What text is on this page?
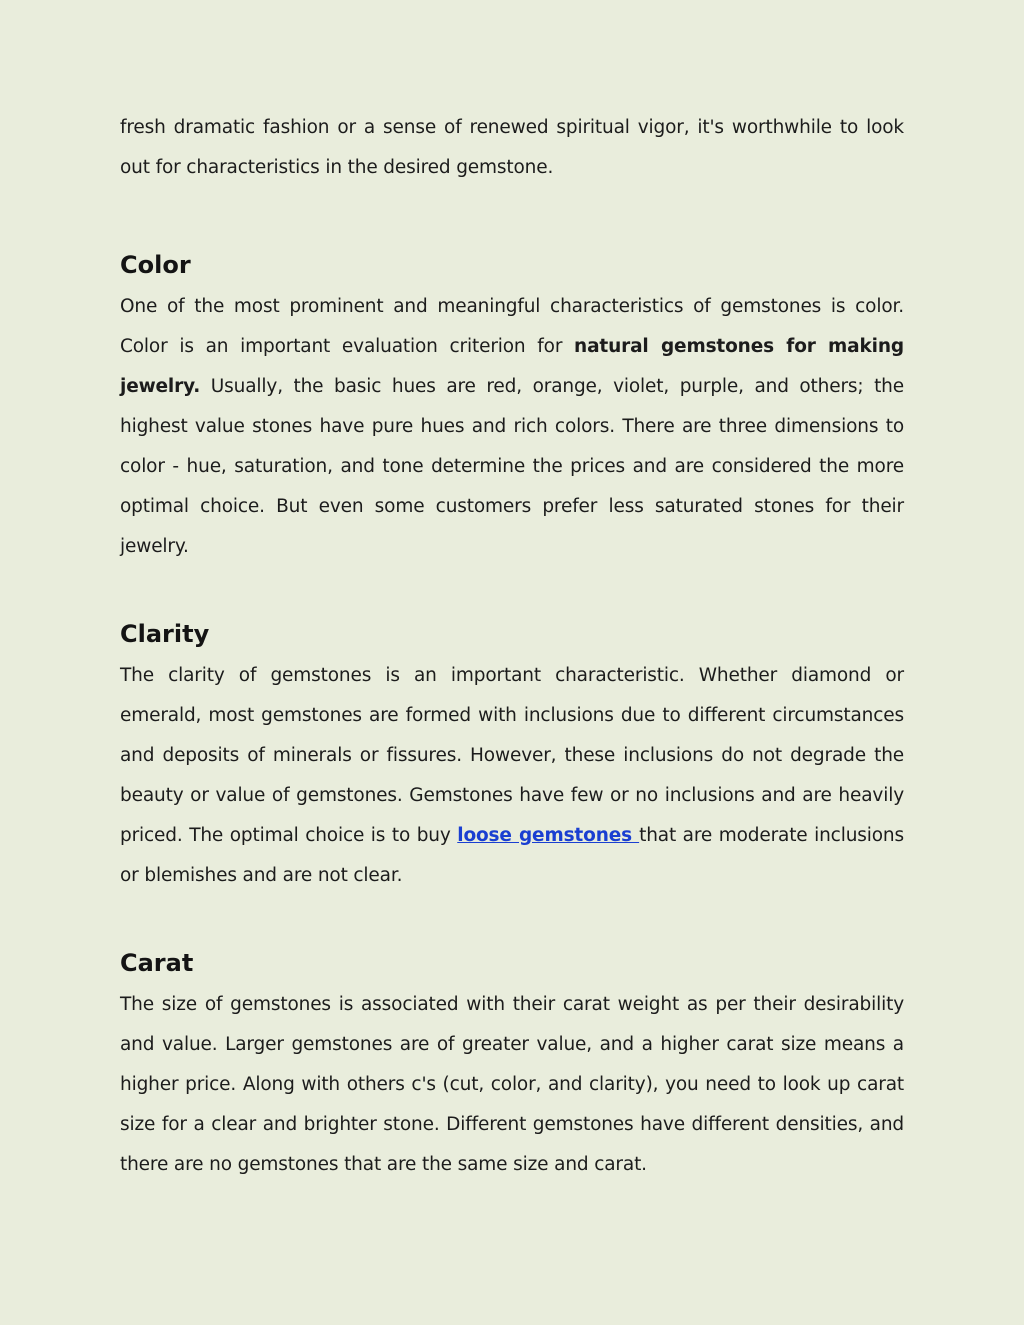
fresh dramatic fashion or a sense of renewed spiritual vigor, it's worthwhile to look out for characteristics in the desired gemstone.

Color

One of the most prominent and meaningful characteristics of gemstones is color. Color is an important evaluation criterion for natural gemstones for making jewelry. Usually, the basic hues are red, orange, violet, purple, and others; the highest value stones have pure hues and rich colors. There are three dimensions to color - hue, saturation, and tone determine the prices and are considered the more optimal choice. But even some customers prefer less saturated stones for their jewelry.

Clarity

The clarity of gemstones is an important characteristic. Whether diamond or emerald, most gemstones are formed with inclusions due to different circumstances and deposits of minerals or fissures. However, these inclusions do not degrade the beauty or value of gemstones. Gemstones have few or no inclusions and are heavily priced. The optimal choice is to buy loose gemstones that are moderate inclusions or blemishes and are not clear.

Carat

The size of gemstones is associated with their carat weight as per their desirability and value. Larger gemstones are of greater value, and a higher carat size means a higher price. Along with others c's (cut, color, and clarity), you need to look up carat size for a clear and brighter stone. Different gemstones have different densities, and there are no gemstones that are the same size and carat.
